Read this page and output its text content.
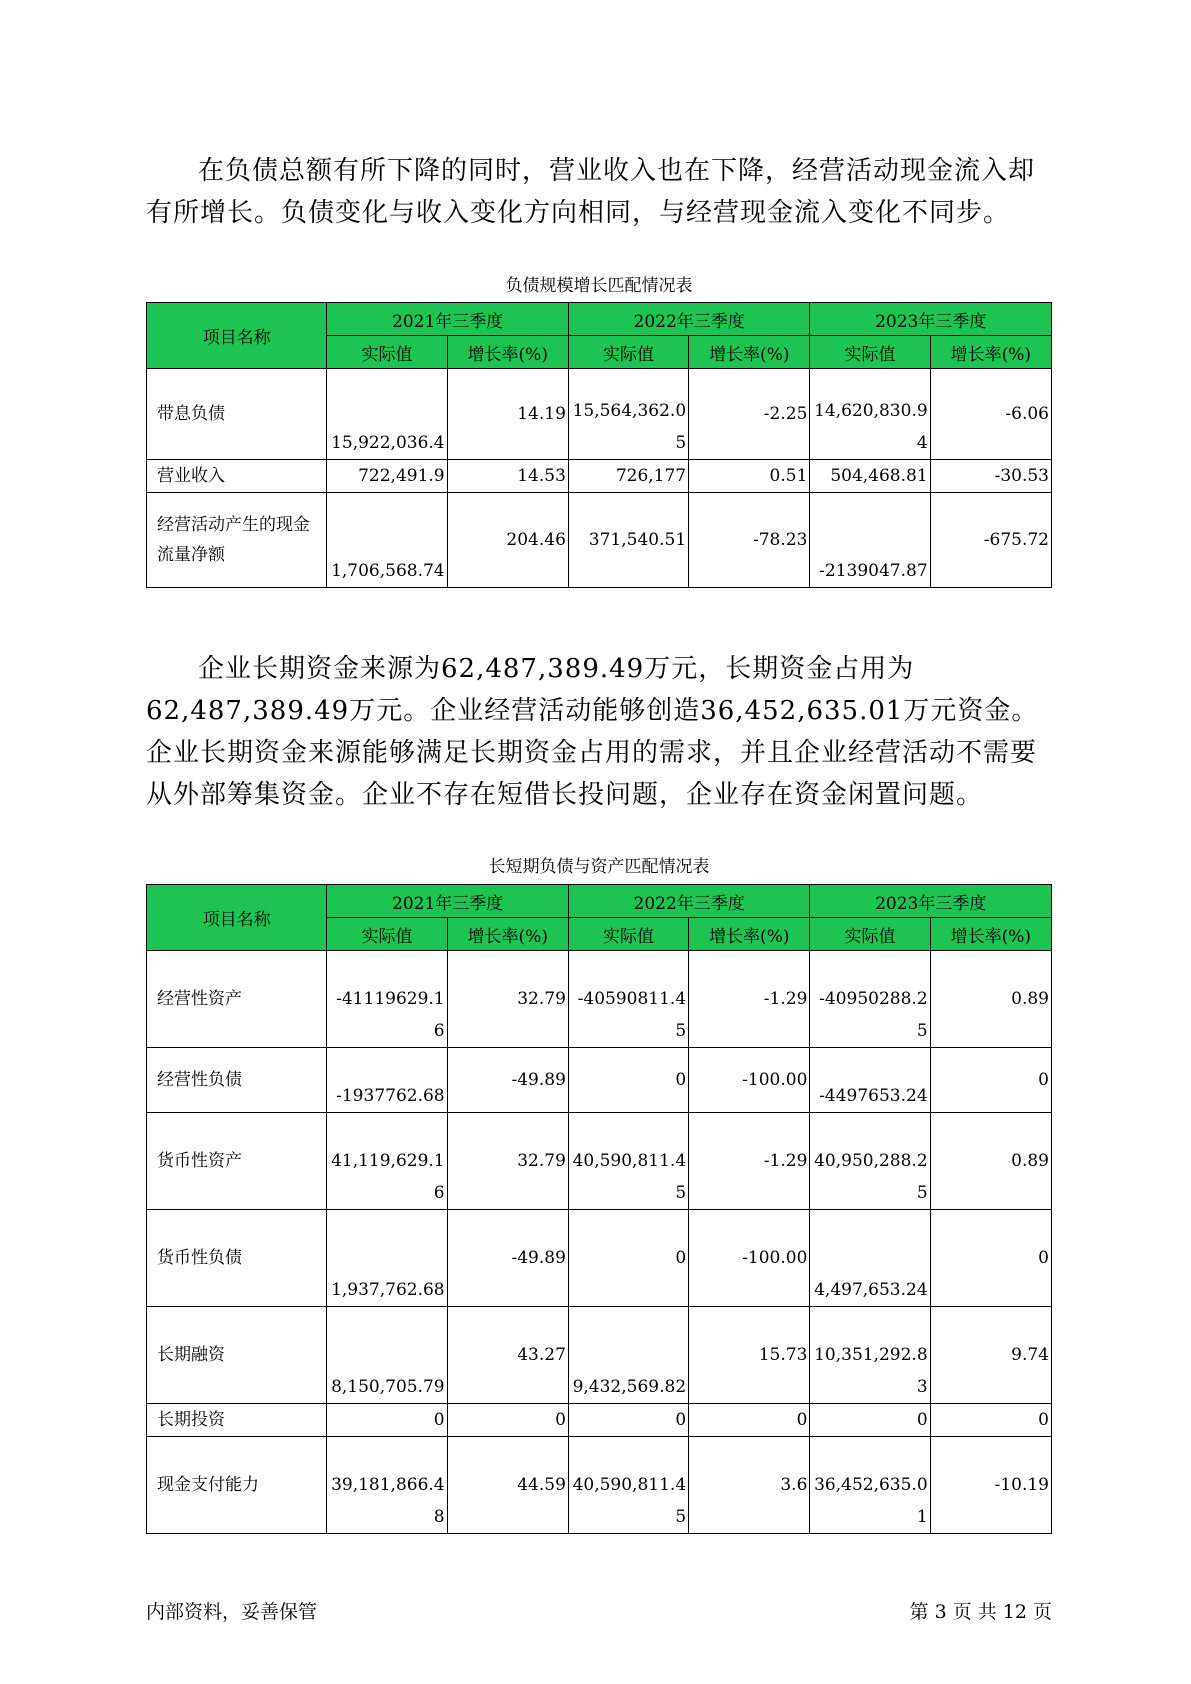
在负债总额有所下降的同时，营业收入也在下降，经营活动现金流入却有所增长。负债变化与收入变化方向相同，与经营现金流入变化不同步。

负债规模增长匹配情况表
项目名称	2021年三季度		2022年三季度		2023年三季度	
	实际值	增长率(%)	实际值	增长率(%)	实际值	增长率(%)
带息负债	15,922,036.4	14.19	15,564,362.05	-2.25	14,620,830.94	-6.06
营业收入	722,491.9	14.53	726,177	0.51	504,468.81	-30.53
经营活动产生的现金流量净额	1,706,568.74	204.46	371,540.51	-78.23	-2139047.87	-675.72

企业长期资金来源为62,487,389.49万元，长期资金占用为62,487,389.49万元。企业经营活动能够创造36,452,635.01万元资金。企业长期资金来源能够满足长期资金占用的需求，并且企业经营活动不需要从外部筹集资金。企业不存在短借长投问题，企业存在资金闲置问题。

长短期负债与资产匹配情况表
项目名称	2021年三季度		2022年三季度		2023年三季度	
	实际值	增长率(%)	实际值	增长率(%)	实际值	增长率(%)
经营性资产	-41119629.16	32.79	-40590811.45	-1.29	-40950288.25	0.89
经营性负债	-1937762.68	-49.89	0	-100.00	-4497653.24	0
货币性资产	41,119,629.16	32.79	40,590,811.45	-1.29	40,950,288.25	0.89
货币性负债	1,937,762.68	-49.89	0	-100.00	4,497,653.24	0
长期融资	8,150,705.79	43.27	9,432,569.82	15.73	10,351,292.83	9.74
长期投资	0	0	0	0	0	0
现金支付能力	39,181,866.48	44.59	40,590,811.45	3.6	36,452,635.01	-10.19
内部资料，妥善保管	第 3 页 共 12 页
